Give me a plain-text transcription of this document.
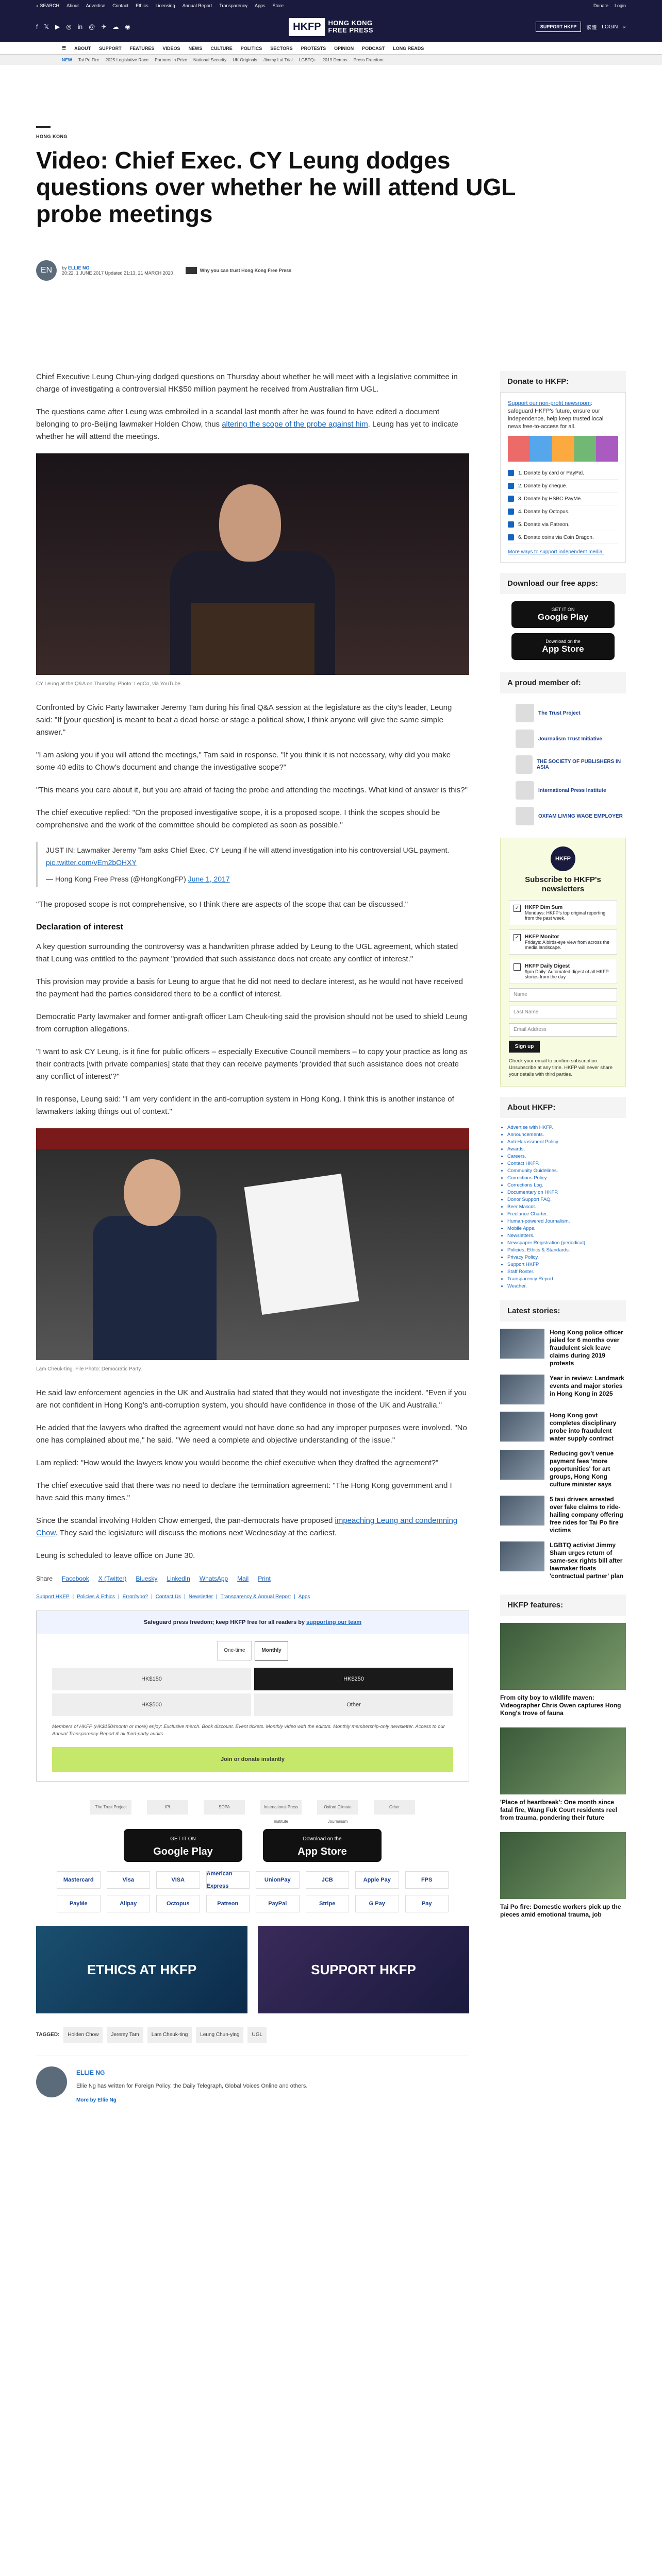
⌕ SEARCH About Advertise Contact Ethics Licensing Annual Report Transparency Apps Store	Donate Login
f 𝕏 ▶ ◎ in @ ✈ ☁ ◉	HKFP	HONG KONG
FREE PRESS	SUPPORT HKFP	繁體 LOGIN ⌕
☰ ABOUT SUPPORT FEATURES VIDEOS NEWS CULTURE POLITICS SECTORS PROTESTS OPINION PODCAST LONG READS
NEW Tai Po Fire 2025 Legislative Race Partners in Prize National Security UK Originals Jimmy Lai Trial LGBTQ+ 2019 Demos Press Freedom
HONG KONG
Video: Chief Exec. CY Leung dodges questions over whether he will attend UGL probe meetings
EN	by ELLIE NG
20:22, 1 JUNE 2017 Updated 21:13, 21 MARCH 2020	Why you can trust Hong Kong Free Press

Chief Executive Leung Chun-ying dodged questions on Thursday about whether he will meet with a legislative committee in charge of investigating a controversial HK$50 million payment he received from Australian firm UGL.

The questions came after Leung was embroiled in a scandal last month after he was found to have edited a document belonging to pro-Beijing lawmaker Holden Chow, thus altering the scope of the probe against him. Leung has yet to indicate whether he will attend the meetings.

CY Leung at the Q&A on Thursday. Photo: LegCo, via YouTube.

Confronted by Civic Party lawmaker Jeremy Tam during his final Q&A session at the legislature as the city's leader, Leung said: "If [your question] is meant to beat a dead horse or stage a political show, I think anyone will give the same simple answer."

"I am asking you if you will attend the meetings," Tam said in response. "If you think it is not necessary, why did you make some 40 edits to Chow's document and change the investigative scope?"

"This means you care about it, but you are afraid of facing the probe and attending the meetings. What kind of answer is this?"

The chief executive replied: "On the proposed investigative scope, it is a proposed scope. I think the scopes should be comprehensive and the work of the committee should be completed as soon as possible."

JUST IN: Lawmaker Jeremy Tam asks Chief Exec. CY Leung if he will attend investigation into his controversial UGL payment. pic.twitter.com/vEm2bOHXY

— Hong Kong Free Press (@HongKongFP) June 1, 2017

"The proposed scope is not comprehensive, so I think there are aspects of the scope that can be discussed."

Declaration of interest

A key question surrounding the controversy was a handwritten phrase added by Leung to the UGL agreement, which stated that Leung was entitled to the payment "provided that such assistance does not create any conflict of interest."

This provision may provide a basis for Leung to argue that he did not need to declare interest, as he would not have received the payment had the parties considered there to be a conflict of interest.

Democratic Party lawmaker and former anti-graft officer Lam Cheuk-ting said the provision should not be used to shield Leung from corruption allegations.

"I want to ask CY Leung, is it fine for public officers – especially Executive Council members – to copy your practice as long as their contracts [with private companies] state that they can receive payments 'provided that such assistance does not create any conflict of interest'?"

In response, Leung said: "I am very confident in the anti-corruption system in Hong Kong. I think this is another instance of lawmakers taking things out of context."

Lam Cheuk-ting. File Photo: Democratic Party.

He said law enforcement agencies in the UK and Australia had stated that they would not investigate the incident. "Even if you are not confident in Hong Kong's anti-corruption system, you should have confidence in those of the UK and Australia."

He added that the lawyers who drafted the agreement would not have done so had any improper purposes were involved. "No one has complained about me," he said. "We need a complete and objective understanding of the issue."

Lam replied: "How would the lawyers know you would become the chief executive when they drafted the agreement?"

The chief executive said that there was no need to declare the termination agreement: "The Hong Kong government and I have said this many times."

Since the scandal involving Holden Chow emerged, the pan-democrats have proposed impeaching Leung and condemning Chow. They said the legislature will discuss the motions next Wednesday at the earliest.

Leung is scheduled to leave office on June 30.

Share Facebook X (Twitter) Bluesky LinkedIn WhatsApp Mail Print
Support HKFP | Policies & Ethics | Error/typo? | Contact Us | Newsletter | Transparency & Annual Report | Apps
Safeguard press freedom; keep HKFP free for all readers by supporting our team
One-time	Monthly
HK$150	HK$250
HK$500	Other
Members of HKFP (HK$150/month or more) enjoy: Exclusive merch. Book discount. Event tickets. Monthly video with the editors. Monthly membership-only newsletter. Access to our Annual Transparency Report & all third-party audits.
Join or donate instantly
The Trust Project	IPI	SOPA	International Press Institute
Oxford Climate Journalism
Other
GET IT ON
Google Play
Download on the
App Store
Mastercard	Visa	VISA
American Express
UnionPay	JCB	Apple Pay	FPS
PayMe	Alipay	Octopus	Patreon	PayPal	Stripe	G Pay	Pay
ETHICS AT HKFP	SUPPORT HKFP
TAGGED:	Holden Chow	Jeremy Tam	Lam Cheuk-ting	Leung Chun-ying	UGL
ELLIE NG
Ellie Ng has written for Foreign Policy, the Daily Telegraph, Global Voices Online and others.
More by Ellie Ng
Donate to HKFP:
Support our non-profit newsroom: safeguard HKFP's future, ensure our independence, help keep trusted local news free-to-access for all.
1. Donate by card or PayPal.
2. Donate by cheque.
3. Donate by HSBC PayMe.
4. Donate by Octopus.
5. Donate via Patreon.
6. Donate coins via Coin Dragon.
More ways to support independent media.
Download our free apps:
GET IT ON
Google Play
Download on the
App Store
A proud member of:
The Trust Project
Journalism Trust Initiative
THE SOCIETY OF PUBLISHERS IN ASIA
International Press Institute
OXFAM LIVING WAGE EMPLOYER
HKFP
Subscribe to HKFP's newsletters
✓ HKFP Dim Sum
Mondays: HKFP's top original reporting from the past week.
✓ HKFP Monitor
Fridays: A birds-eye view from across the media landscape.
HKFP Daily Digest
9pm Daily: Automated digest of all HKFP stories from the day.
Name
Last Name
Email Address
Sign up
Check your email to confirm subscription. Unsubscribe at any time. HKFP will never share your details with third parties.
About HKFP:
• Advertise with HKFP.
• Announcements.
• Anti-Harassment Policy.
• Awards.
• Careers.
• Contact HKFP.
• Community Guidelines.
• Corrections Policy.
• Corrections Log.
• Documentary on HKFP.
• Donor Support FAQ.
• Beer Mascot.
• Freelance Charter.
• Human-powered Journalism.
• Mobile Apps.
• Newsletters.
• Newspaper Registration (periodical).
• Policies, Ethics & Standards.
• Privacy Policy.
• Support HKFP.
• Staff Roster.
• Transparency Report.
• Weather.
Latest stories:
Hong Kong police officer jailed for 6 months over fraudulent sick leave claims during 2019 protests
Year in review: Landmark events and major stories in Hong Kong in 2025
Hong Kong govt completes disciplinary probe into fraudulent water supply contract
Reducing gov't venue payment fees 'more opportunities' for art groups, Hong Kong culture minister says
5 taxi drivers arrested over fake claims to ride-hailing company offering free rides for Tai Po fire victims
LGBTQ activist Jimmy Sham urges return of same-sex rights bill after lawmaker floats 'contractual partner' plan
HKFP features:
From city boy to wildlife maven: Videographer Chris Owen captures Hong Kong's trove of fauna
'Place of heartbreak': One month since fatal fire, Wang Fuk Court residents reel from trauma, pondering their future
Tai Po fire: Domestic workers pick up the pieces amid emotional trauma, job
